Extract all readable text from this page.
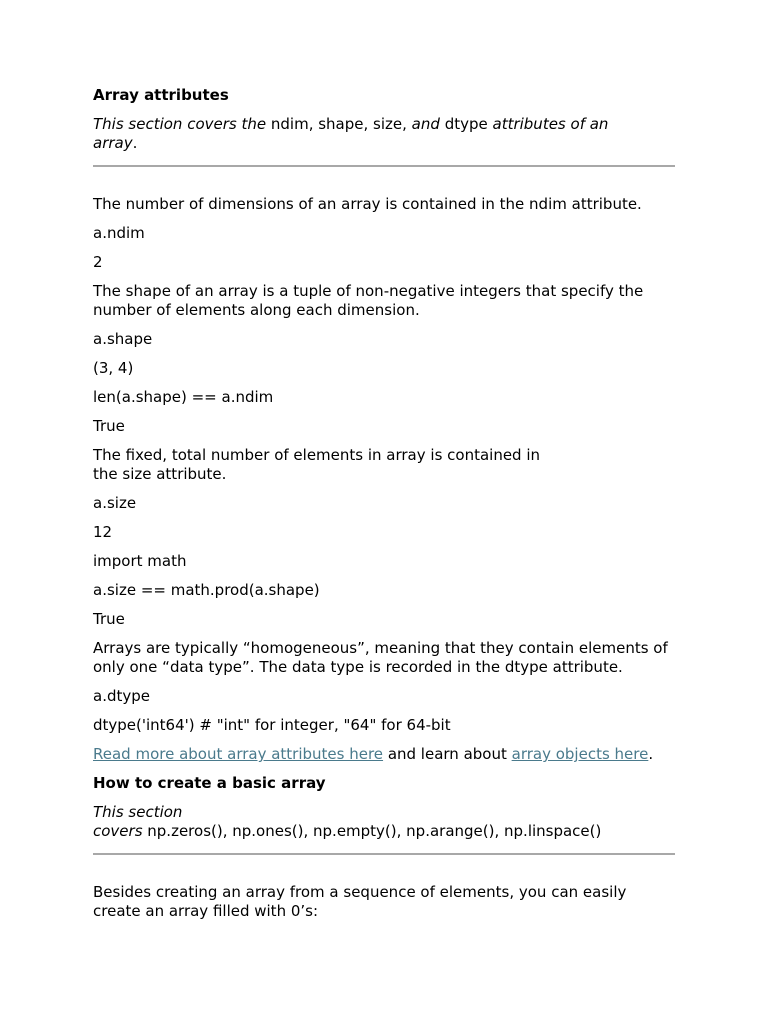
Array attributes

This section covers the ndim, shape, size, and dtype attributes of an
array.

The number of dimensions of an array is contained in the ndim attribute.

a.ndim

2

The shape of an array is a tuple of non-negative integers that specify the number of elements along each dimension.

a.shape

(3, 4)

len(a.shape) == a.ndim

True

The fixed, total number of elements in array is contained in
the size attribute.

a.size

12

import math

a.size == math.prod(a.shape)

True

Arrays are typically “homogeneous”, meaning that they contain elements of only one “data type”. The data type is recorded in the dtype attribute.

a.dtype

dtype('int64') # "int" for integer, "64" for 64-bit

Read more about array attributes here and learn about array objects here.

How to create a basic array

This section
covers np.zeros(), np.ones(), np.empty(), np.arange(), np.linspace()

Besides creating an array from a sequence of elements, you can easily create an array filled with 0’s:
